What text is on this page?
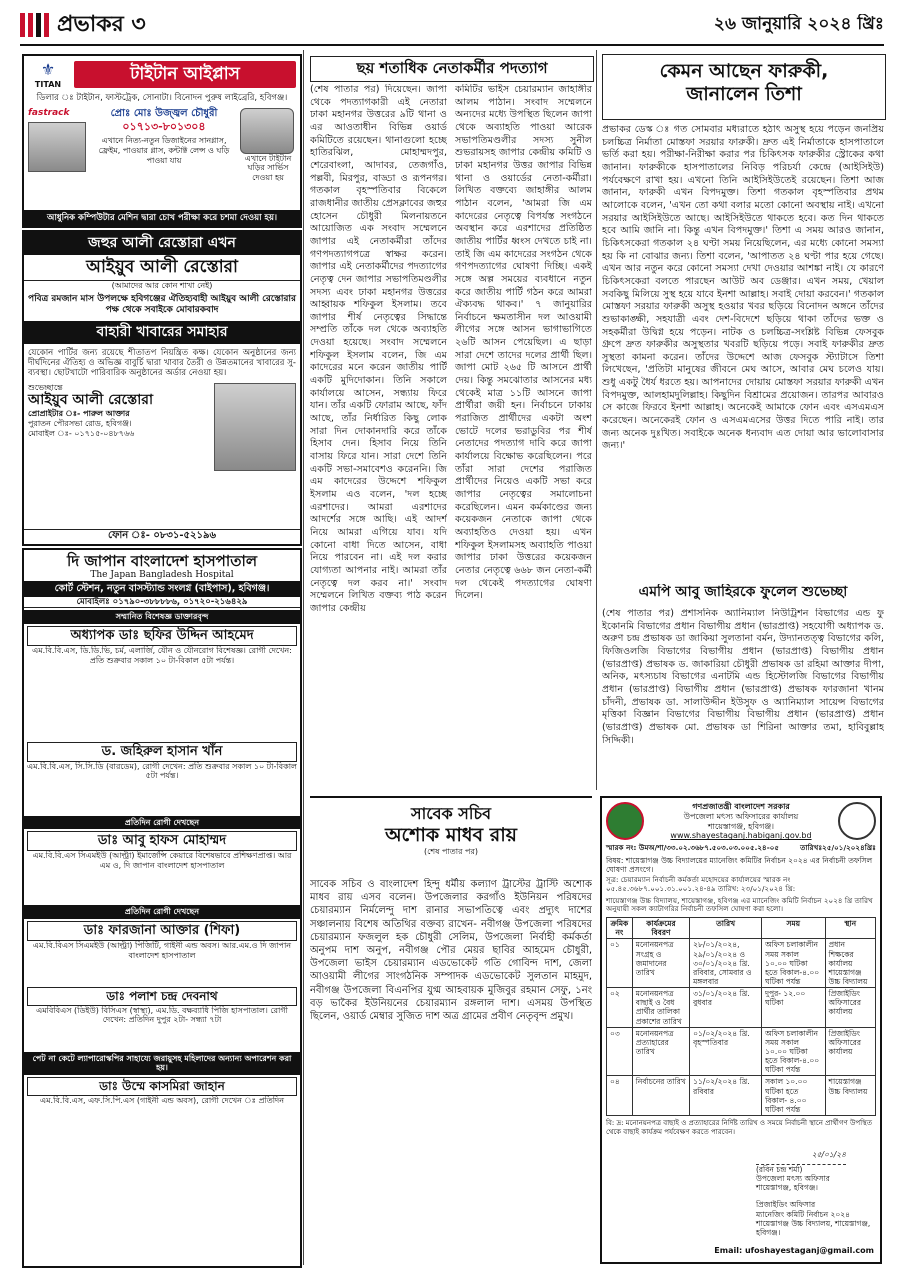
প্রভাকর ৩	২৬ জানুয়ারি ২০২৪ খ্রিঃ
⚜
TITAN	টাইটান আইপ্লাস
ডিলার ঃ টাইটান, ফাস্টট্রেক, সোনাটা। বিনোদন পুরুষ লাইব্রেরি, হবিগঞ্জ।
fastrack	প্রোঃ মোঃ উজ্জ্বল চৌধুরী
০১৭১৩-৮০১৩০৪
এখানে নিত্য-নতুন ডিজাইনের সানগ্লাস, ফ্রেইম, পাওয়ার গ্লাস, কন্টাক্ট লেন্স ও ঘড়ি পাওয়া যায়	এখানে টাইটান ঘড়ির সার্ভিস দেওয়া হয়
আধুনিক কম্পিউটার মেশিন দ্বারা চোখ পরীক্ষা করে চশমা দেওয়া হয়।
জহুর আলী রেস্তোরা এখন
আইয়ুব আলী রেস্তোরা
(আমাদের আর কোন শাখা নেই)
পবিত্র রমজান মাস উপলক্ষে হবিগঞ্জের ঐতিহ্যবাহী আইয়ুব আলী রেস্তোরার পক্ষ থেকে সবাইকে মোবারকবাদ
বাহারী খাবারের সমাহার
যেকোন পার্টির জন্য রয়েছে শীতাতপ নিয়ন্ত্রিত কক্ষ। যেকোন অনুষ্ঠানের জন্য দীর্ঘদিনের ঐতিহ্য ও অভিজ্ঞ বাবুর্চি দ্বারা খাবার তৈরী ও উন্নতমানের খাবারের সু-ব্যবস্থা। ছোটখাটো পারিবারিক অনুষ্ঠানের অর্ডার নেওয়া হয়।
শুভেচ্ছান্তে
আইয়ুব আলী রেস্তোরা
প্রোপ্রাইটার ঃ- পারুল আক্তার
পুরাতন পৌরসভা রোড, হবিগঞ্জ।
মোবাইল ঃ- ০১৭১৫-০৪৮৭৬৬
ফোন ঃ- ০৮৩১-৫২১৯৬
দি জাপান বাংলাদেশ হাসপাতাল
The Japan Bangladesh Hospital
কোর্ট স্টেশন, নতুন বাসস্ট্যান্ড সংলগ্ন (বাইপাস), হবিগঞ্জ।
মোবাইলঃ ০১৭৯০-৩৮৮৮৮৬, ০১৭২০-২১৬৪২৯
সম্মানিত বিশেষজ্ঞ ডাক্তারবৃন্দ
অধ্যাপক ডাঃ ছফির উদ্দিন আহমেদ
এম.বি.বি.এস, ডি.ডি.ভি, চর্ম, এলার্জি, যৌন ও যৌনরোগ বিশেষজ্ঞ। রোগী দেখেন: প্রতি শুক্রবার সকাল ১০ টা-বিকাল ৫টা পর্যন্ত।
ড. জহিরুল হাসান খাঁন
এম.বি.বি.এস, সি.সি.ডি (বারডেম), রোগী দেখেন: প্রতি শুক্রবার সকাল ১০ টা-বিকাল ৫টা পর্যন্ত।
প্রতিদিন রোগী দেখছেন
ডাঃ আবু হাফস মোহাম্মদ
এম.বি.বি.এস সিএমইউ (আল্ট্রা) ইমার্জেন্সি কেয়ারে বিশেষভাবে প্রশিক্ষণপ্রাপ্ত। আর এম ও, দি জাপান বাংলাদেশ হাসপাতাল
প্রতিদিন রোগী দেখছেন
ডাঃ ফারজানা আক্তার (শিফা)
এম.বি.বিএস সিএমইউ (আল্ট্রা) পিজিটি, গাইনী এন্ড অবস। আর.এম.ও দি জাপান বাংলাদেশ হাসপাতাল
ডাঃ পলাশ চন্দ্র দেবনাথ
এমবিবিএস (ডিইউ) বিসিএস (স্বাস্থ্য), এম.ডি. বক্ষব্যাধি পিজি হাসপাতাল। রোগী দেখেন: প্রতিদিন দুপুর ২টা- সন্ধ্যা ৭টা
পেট না কেটে ল্যাপারোস্কপির সাহায্যে জরায়ুসহ মহিলাদের অন্যান্য অপারেশন করা হয়।
ডাঃ উম্মে কাসমিরা জাহান
এম.বি.বি.এস, এফ.সি.পি.এস (গাইনী এন্ড অবস), রোগী দেখেন ঃ প্রতিদিন
ছয় শতাধিক নেতাকর্মীর পদত্যাগ
(শেষ পাতার পর) দিয়েছেন। জাপা থেকে পদত্যাগকারী এই নেতারা ঢাকা মহানগর উত্তরের ৯টি থানা ও এর আওতাধীন বিভিন্ন ওয়ার্ড কমিটিতে রয়েছেন। থানাগুলো হচ্ছে হাতিরঝিল, মোহাম্মদপুর, শেরেবাংলা, আদাবর, তেজগাঁও, পল্লবী, মিরপুর, বাড্ডা ও রূপনগর। গতকাল বৃহস্পতিবার বিকেলে রাজধানীর জাতীয় প্রেসক্লাবের জহুর হোসেন চৌধুরী মিলনায়তনে আয়োজিত এক সংবাদ সম্মেলনে জাপার এই নেতাকর্মীরা তাঁদের গণপদত্যাগপত্রে স্বাক্ষর করেন। জাপার এই নেতাকর্মীদের পদত্যাগের নেতৃত্ব দেন জাপার সভাপতিমণ্ডলীর সদস্য এবং ঢাকা মহানগর উত্তরের আহ্বায়ক শফিকুল ইসলাম। তবে জাপার শীর্ষ নেতৃত্বের সিদ্ধান্তে সম্প্রতি তাঁকে দল থেকে অব্যাহতি দেওয়া হয়েছে। সংবাদ সম্মেলনে শফিকুল ইসলাম বলেন, জি এম কাদেরের মনে করেন জাতীয় পার্টি একটি মুদিদোকান। তিনি সকালে কার্যালয়ে আসেন, সন্ধ্যায় ফিরে যান। তাঁর একটি ফোরাম আছে, ফাঁদ আছে, তাঁর নির্ধারিত কিছু লোক সারা দিন দোকানদারি করে তাঁকে হিসাব দেন। হিসাব নিয়ে তিনি বাসায় ফিরে যান। সারা দেশে তিনি একটি সভা-সমাবেশও করেননি। জি এম কাদেরের উদ্দেশে শফিকুল ইসলাম এও বলেন, 'দল হচ্ছে এরশাদের। আমরা এরশাদের আদর্শের সঙ্গে আছি। এই আদর্শ নিয়ে আমরা এগিয়ে যাব। যদি কোনো বাধা দিতে আসেন, বাধা নিয়ে পারবেন না। এই দল করার যোগ্যতা আপনার নাই। আমরা তাঁর নেতৃত্বে দল করব না।' সংবাদ সম্মেলনে লিখিত বক্তব্য পাঠ করেন জাপার কেন্দ্রীয়
কমিটির ভাইস চেয়ারম্যান জাহাঙ্গীর আলম পাঠান। সংবাদ সম্মেলনে অন্যদের মধ্যে উপস্থিত ছিলেন জাপা থেকে অব্যাহতি পাওয়া আরেক সভাপতিমণ্ডলীর সদস্য সুনীল শুভরায়সহ জাপার কেন্দ্রীয় কমিটি ও ঢাকা মহানগর উত্তর জাপার বিভিন্ন থানা ও ওয়ার্ডের নেতা-কর্মীরা। লিখিত বক্তব্যে জাহাঙ্গীর আলম পাঠান বলেন, 'আমরা জি এম কাদেরের নেতৃত্বে বিপর্যস্ত সংগঠনে অবস্থান করে এরশাদের প্রতিষ্ঠিত জাতীয় পার্টির ধ্বংস দেখতে চাই না। তাই জি এম কাদেরের সংগঠন থেকে গণপদত্যাগের ঘোষণা দিচ্ছি। একই সঙ্গে অল্প সময়ের ব্যবধানে নতুন করে জাতীয় পার্টি গঠন করে আমরা ঐক্যবদ্ধ থাকব।' ৭ জানুয়ারির নির্বাচনে ক্ষমতাসীন দল আওয়ামী লীগের সঙ্গে আসন ভাগাভাগিতে ২৬টি আসন পেয়েছিল। এ ছাড়া সারা দেশে তাদের দলের প্রার্থী ছিল। জাপা মোট ২৬৫ টি আসনে প্রার্থী দেয়। কিন্তু সমঝোতার আসনের মধ্য থেকেই মাত্র ১১টি আসনে জাপা প্রার্থীরা জয়ী হন। নির্বাচনে ঢাকায় পরাজিত প্রার্থীদের একটা অংশ ভোটে দলের ভরাডুবির পর শীর্ষ নেতাদের পদত্যাগ দাবি করে জাপা কার্যালয়ে বিক্ষোভ করেছিলেন। পরে তাঁরা সারা দেশের পরাজিত প্রার্থীদের নিয়েও একটি সভা করে জাপার নেতৃত্বের সমালোচনা করেছিলেন। এমন কর্মকাণ্ডের জন্য কয়েকজন নেতাকে জাপা থেকে অব্যাহতিও দেওয়া হয়। এখন শফিকুল ইসলামসহ অব্যাহতি পাওয়া জাপার ঢাকা উত্তরের কয়েকজন নেতার নেতৃত্বে ৬৬৮ জন নেতা-কর্মী দল থেকেই পদত্যাগের ঘোষণা দিলেন।
সাবেক সচিব
অশোক মাধব রায়
(শেষ পাতার পর)
সাবেক সচিব ও বাংলাদেশ হিন্দু ধর্মীয় কল্যাণ ট্রাস্টের ট্রাস্টি অশোক মাধব রায় এসব বলেন। উপজেলার করগাঁও ইউনিয়ন পরিষদের চেয়ারম্যান নির্মলেন্দু দাশ রানার সভাপতিত্বে এবং প্রদ্যুৎ দাশের সঞ্চালনায় বিশেষ অতিথির বক্তব্য রাখেন- নবীগঞ্জ উপজেলা পরিষদের চেয়ারম্যান ফজলুল হক চৌধুরী সেলিম, উপজেলা নির্বাহী কর্মকর্তা অনুপম দাশ অনুপ, নবীগঞ্জ পৌর মেয়র ছাবির আহমেদ চৌধুরী, উপজেলা ভাইস চেয়ারম্যান এডভোকেট গতি গোবিন্দ দাশ, জেলা আওয়ামী লীগের সাংগঠনিক সম্পাদক এডভোকেট সুলতান মাহমুদ, নবীগঞ্জ উপজেলা বিএনপির যুগ্ম আহবায়ক মুজিবুর রহমান সেফু, ১নং বড় ভাকৈর ইউনিয়নের চেয়ারম্যান রঙ্গলাল দাশ। এসময় উপস্থিত ছিলেন, ওয়ার্ড মেম্বার সুজিত দাশ অত্র গ্রামের প্রবীণ নেতৃবৃন্দ প্রমুখ।
কেমন আছেন ফারুকী,
জানালেন তিশা
প্রভাকর ডেস্ক ঃ গত সোমবার মধ্যরাতে হঠাৎ অসুস্থ হয়ে পড়েন জনপ্রিয় চলচ্চিত্র নির্মাতা মোস্তফা সরয়ার ফারুকী। দ্রুত এই নির্মাতাকে হাসপাতালে ভর্তি করা হয়। পরীক্ষা-নিরীক্ষা করার পর চিকিৎসক ফারুকীর স্ট্রোকের কথা জানান। ফারুকীকে হাসপাতালের নিবিড় পরিচর্যা কেন্দ্রে (আইসিইউ) পর্যবেক্ষণে রাখা হয়। এখনো তিনি আইসিইউতেই রয়েছেন। তিশা আজ জানান, ফারুকী এখন বিপদমুক্ত। তিশা গতকাল বৃহস্পতিবার প্রথম আলোকে বলেন, 'এখন তো কথা বলার মতো কোনো অবস্থায় নাই। এখনো সরয়ার আইসিইউতে আছে। আইসিইউতে থাকতে হবে। কত দিন থাকতে হবে আমি জানি না। কিন্তু এখন বিপদমুক্ত।' তিশা এ সময় আরও জানান, চিকিৎসকেরা গতকাল ২৪ ঘণ্টা সময় নিয়েছিলেন, এর মধ্যে কোনো সমস্যা হয় কি না বোঝার জন্য। তিশা বলেন, 'আপাতত ২৪ ঘণ্টা পার হয়ে গেছে। এখন আর নতুন করে কোনো সমস্যা দেখা দেওয়ার আশঙ্কা নাই। যে কারণে চিকিৎসকেরা বলতে পারছেন আউট অব ডেঞ্জার। এখন সময়, খেয়াল সবকিছু মিলিয়ে সুস্থ হয়ে যাবে ইনশা আল্লাহ। সবাই দোয়া করবেন।' গতকাল মোস্তফা সরয়ার ফারুকী অসুস্থ হওয়ার খবর ছড়িয়ে বিনোদন অঙ্গনে তাঁদের শুভাকাঙ্ক্ষী, সহযাত্রী এবং দেশ-বিদেশে ছড়িয়ে থাকা তাঁদের ভক্ত ও সহকর্মীরা উদ্বিগ্ন হয়ে পড়েন। নাটক ও চলচ্চিত্র-সংশ্লিষ্ট বিভিন্ন ফেসবুক গ্রুপে দ্রুত ফারুকীর অসুস্থতার খবরটি ছড়িয়ে পড়ে। সবাই ফারুকীর দ্রুত সুস্থতা কামনা করেন। তাঁদের উদ্দেশে আজ ফেসবুক স্ট্যাটাসে তিশা লিখেছেন, 'প্রতিটা মানুষের জীবনে মেঘ আসে, আবার মেঘ চলেও যায়। শুধু একটু ধৈর্য ধরতে হয়। আপনাদের দোয়ায় মোস্তফা সরয়ার ফারুকী এখন বিপদমুক্ত, আলহামদুলিল্লাহ। কিছুদিন বিশ্রামের প্রয়োজন। তারপর আবারও সে কাজে ফিরবে ইনশা আল্লাহ। অনেকেই আমাকে ফোন এবং এসএমএস করেছেন। অনেকেরই ফোন ও এসএমএসের উত্তর দিতে পারি নাই। তার জন্য অনেক দুঃখিত। সবাইকে অনেক ধন্যবাদ এত দোয়া আর ভালোবাসার জন্য।'
এমপি আবু জাহিরকে ফুলেল শুভেচ্ছা
(শেষ পাতার পর) প্রশাসনিক অ্যানিম্যাল নিউট্রিশন বিভাগের এন্ড ফু ইকোনমি বিভাগের প্রধান বিভাগীয় প্রধান (ভারপ্রাপ্ত) সহযোগী অধ্যাপক ড. অরুণ চন্দ্র প্রভাষক ডা জাকিয়া সুলতানা বর্মন, উদ্যানতত্ত্ব বিভাগের কলি, ফিজিওলজি বিভাগের বিভাগীয় প্রধান (ভারপ্রাপ্ত) বিভাগীয় প্রধান (ভারপ্রাপ্ত) প্রভাষক ড. জাকারিয়া চৌধুরী প্রভাষক ডা রহিমা আক্তার দীপা, অনিক, মৎস্যচাষ বিভাগের এনাটমি এন্ড হিস্টোলজি বিভাগের বিভাগীয় প্রধান (ভারপ্রাপ্ত) বিভাগীয় প্রধান (ভারপ্রাপ্ত) প্রভাষক ফারজানা খানম চাঁদনী, প্রভাষক ডা. সালাউদ্দীন ইউসুফ ও অ্যানিম্যাল সায়েন্স বিভাগের মৃত্তিকা বিজ্ঞান বিভাগের বিভাগীয় বিভাগীয় প্রধান (ভারপ্রাপ্ত) প্রধান (ভারপ্রাপ্ত) প্রভাষক মো. প্রভাষক ডা শিরিনা আক্তার তমা, হাবিবুল্লাহ সিদ্দিকী।
গণপ্রজাতন্ত্রী বাংলাদেশ সরকার
উপজেলা মৎস্য অফিসারের কার্যালয়
শায়েস্তাগঞ্জ, হবিগঞ্জ।
www.shayestaganj.habiganj.gov.bd
স্মারক নং: উমঅ/শা/৩৩.০২.৩৬৮৭.৫০৩.০৩.০০৫.২৪-০৫	তারিখঃ২৫/০১/২০২৪খ্রিঃ
বিষয়: শায়েস্তাগঞ্জ উচ্চ বিদ্যালয়ের ম্যানেজিং কমিটির নির্বাচন ২০২৪ এর নির্বাচনী তফসিল ঘোষণা প্রসংগে।
সূত্র: চেয়ারম্যান নির্বাচনী কর্মকর্তা মহোদয়ের কার্যালয়ের স্মারক নং ০৫.৪৫.৩৬৮৭.০০১.৩১.০০১.২৪-৪৯ তারিখ: ২৩/০১/২০২৪ খ্রি:
শায়েস্তাগঞ্জ উচ্চ বিদ্যালয়, শায়েস্তাগঞ্জ, হবিগঞ্জ এর ম্যানেজিং কমিটি নির্বাচন ২০২৪ খ্রি তারিখ অনুযায়ী সকল ক্যাটাগরির নির্বাচনী তফসিল ঘোষণা করা হলো।
ক্রমিক নং	কার্যক্রমের বিবরণ	তারিখ	সময়	স্থান
০১	মনোনয়নপত্র সংগ্রহ ও জমাদানের তারিখ	২৮/০১/২০২৪, ২৯/০১/২০২৪ ও ৩০/০১/২০২৪ খ্রি. রবিবার, সোমবার ও মঙ্গলবার	অফিস চলাকালীন সময় সকাল ১০.০০ ঘটিকা হতে বিকাল-৪.০০ ঘটিকা পর্যন্ত	প্রধান শিক্ষকের কার্যালয় শায়েস্তাগঞ্জ উচ্চ বিদ্যালয়
০২	মনোনয়নপত্র বাছাই ও বৈধ প্রার্থীর তালিকা প্রকাশের তারিখ	৩১/০১/২০২৪ খ্রি. বুধবার	দুপুর- ১২.০০ ঘটিকা	প্রিজাইডিং অফিসারের কার্যালয়
০৩	মনোনয়নপত্র প্রত্যাহারের তারিখ	০১/০২/২০২৪ খ্রি. বৃহস্পতিবার	অফিস চলাকালীন সময় সকাল ১০.০০ ঘটিকা হতে বিকাল-৪.০০ ঘটিকা পর্যন্ত	প্রিজাইডিং অফিসারের কার্যালয়
০৪	নির্বাচনের তারিখ	১১/০২/২০২৪ খ্রি. রবিবার	সকাল ১০.০০ ঘটিকা হতে বিকাল- ৪.০০ ঘটিকা পর্যন্ত	শায়েস্তাগঞ্জ উচ্চ বিদ্যালয়
বি: দ্র: মনোনয়নপত্র বাছাই ও প্রত্যাহারের নির্দিষ্ট তারিখ ও সময়ে নির্বাচনী স্থানে প্রার্থীগণ উপস্থিত থেকে বাছাই কার্যক্রম পর্যবেক্ষণ করতে পারবেন।
২৫/০১/২৪
(রবিন চন্দ্র শর্মা)
উপজেলা মৎস্য অফিসার
শায়েস্তাগঞ্জ, হবিগঞ্জ।
প্রিজাইডিং অফিসার
ম্যানেজিং কমিটি নির্বাচন ২০২৪
শায়েস্তাগঞ্জ উচ্চ বিদ্যালয়, শায়েস্তাগঞ্জ, হবিগঞ্জ।
Email: ufoshayestaganj@gmail.com
